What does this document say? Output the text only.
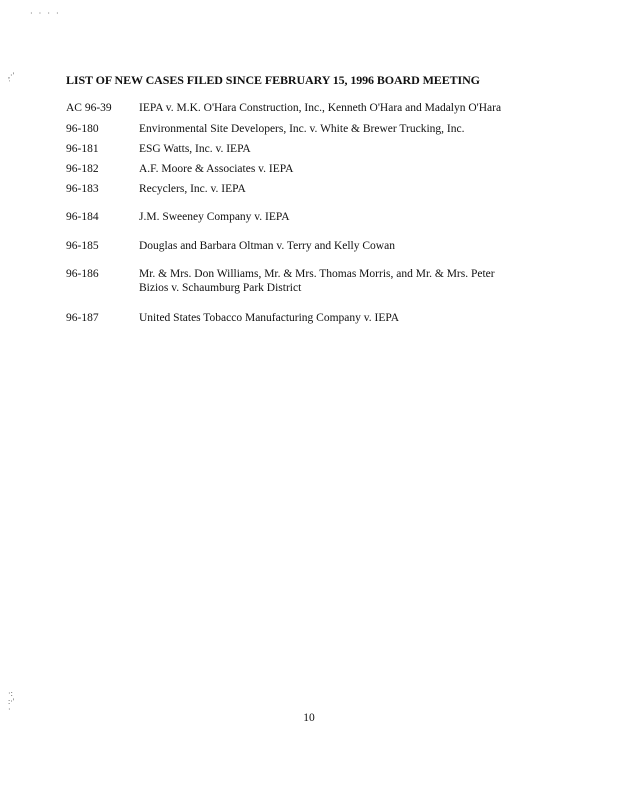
·   ·   ·   ·
,·'
ˈ
·:
:·'
·
LIST OF NEW CASES FILED SINCE FEBRUARY 15, 1996 BOARD MEETING
AC 96-39	IEPA v. M.K. O'Hara Construction, Inc., Kenneth O'Hara and Madalyn O'Hara
96-180	Environmental Site Developers, Inc. v. White & Brewer Trucking, Inc.
96-181	ESG Watts, Inc. v. IEPA
96-182	A.F. Moore & Associates v. IEPA
96-183	Recyclers, Inc. v. IEPA
96-184	J.M. Sweeney Company v. IEPA
96-185	Douglas and Barbara Oltman v. Terry and Kelly Cowan
96-186	Mr. & Mrs. Don Williams, Mr. & Mrs. Thomas Morris, and Mr. & Mrs. Peter Bizios v. Schaumburg Park District
96-187	United States Tobacco Manufacturing Company v. IEPA
10
